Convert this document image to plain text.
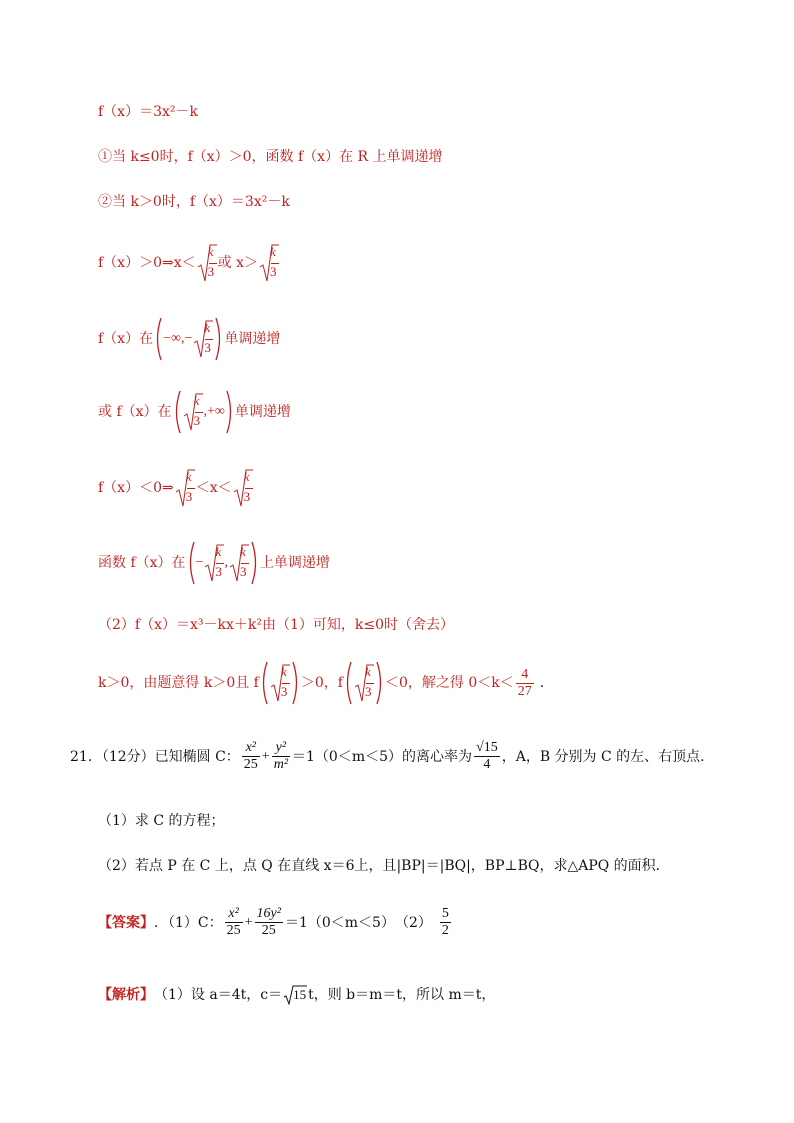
f（x）＝3x²－k
①当 k≤0时，f（x）＞0，函数 f（x）在 R 上单调递增
②当 k＞0时，f（x）＝3x²－k
f（x）＞0⇒x＜
k
3
或 x＞
k
3
f（x）在 −∞,−
k
3
单调递增
或 f（x）在
k
3
,+∞ 单调递增
f（x）＜0⇒
k
3
＜x＜
k
3
函数 f（x）在 −
k
3
,
k
3
上单调递增
（2）f（x）＝x³－kx＋k²由（1）可知，k≤0时（舍去）
k＞0，由题意得 k＞0且 f
k
3
＞0，f
k
3
＜0，解之得 $0<k< \frac{4}{27}$ .
21．（12分）已知椭圆 C： $\frac{\text{x²}}{25} + \frac{\text{y²}}{\text{m²}} =1(0<m<5)$的离心率为 $\frac{√15}{4}$ ，A，B 分别为 C 的左、右顶点．
（1）求 C 的方程；
（2）若点 P 在 C 上，点 Q 在直线 x＝6上，且|BP|＝|BQ|，BP⊥BQ，求△APQ 的面积．
【答案】 ．（1）C： $\frac{\text{x²}}{25} + \frac{\text{16y²}}{25} =1(0<m<5)$　$(2) \frac{5}{2}$
【解析】 （1）设 a＝4t，c＝ 15 t，则 b＝m＝t，所以 m＝t，
